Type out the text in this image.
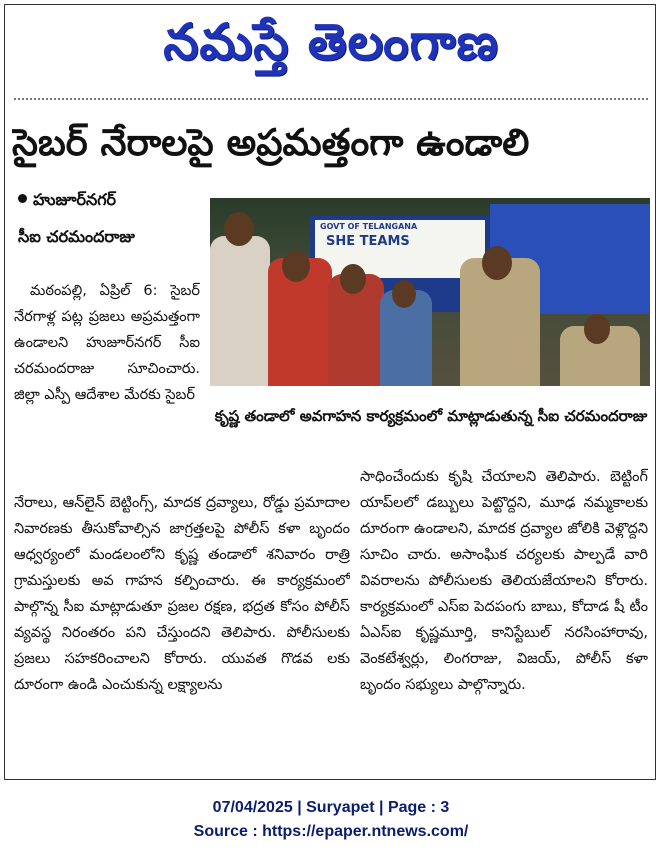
నమస్తే తెలంగాణ
సైబర్ నేరాలపై అప్రమత్తంగా ఉండాలి
హుజూర్‌నగర్
సీఐ చరమందరాజు
GOVT OF TELANGANA
SHE TEAMS
కృష్ణ తండాలో అవగాహన కార్యక్రమంలో మాట్లాడుతున్న సీఐ చరమందరాజు

మఠంపల్లి, ఏప్రిల్ 6: సైబర్ నేరగాళ్ల పట్ల ప్రజలు అప్రమత్తంగా ఉండాలని హుజూర్‌నగర్ సీఐ చరమందరాజు సూచించారు. జిల్లా ఎస్పీ ఆదేశాల మేరకు సైబర్

నేరాలు, ఆన్‌లైన్ బెట్టింగ్స్, మాదక ద్రవ్యాలు, రోడ్డు ప్రమాదాల నివారణకు తీసుకోవాల్సిన జాగ్రత్తలపై పోలీస్ కళా బృందం ఆధ్వర్యంలో మండలంలోని కృష్ణ తండాలో శనివారం రాత్రి గ్రామస్తులకు అవ గాహన కల్పించారు. ఈ కార్యక్రమంలో పాల్గొన్న సీఐ మాట్లాడుతూ ప్రజల రక్షణ, భద్రత కోసం పోలీస్ వ్యవస్థ నిరంతరం పని చేస్తుందని తెలిపారు. పోలీసులకు ప్రజలు సహకరించాలని కోరారు. యువత గొడవ లకు దూరంగా ఉండి ఎంచుకున్న లక్ష్యాలను

సాధించేందుకు కృషి చేయాలని తెలిపారు. బెట్టింగ్ యాప్‌లలో డబ్బులు పెట్టొద్దని, మూఢ నమ్మకాలకు దూరంగా ఉండాలని, మాదక ద్రవ్యాల జోలికి వెళ్లొద్దని సూచిం చారు. అసాంఘిక చర్యలకు పాల్పడే వారి వివరాలను పోలీసులకు తెలియజేయాలని కోరారు. కార్యక్రమంలో ఎస్ఐ పెదపంగు బాబు, కోదాడ షీ టీం ఏఎస్ఐ కృష్ణమూర్తి, కానిస్టేబుల్ నరసింహారావు, వెంకటేశ్వర్లు, లింగరాజు, విజయ్, పోలీస్ కళా బృందం సభ్యులు పాల్గొన్నారు.

07/04/2025 | Suryapet | Page : 3
Source : https://epaper.ntnews.com/
